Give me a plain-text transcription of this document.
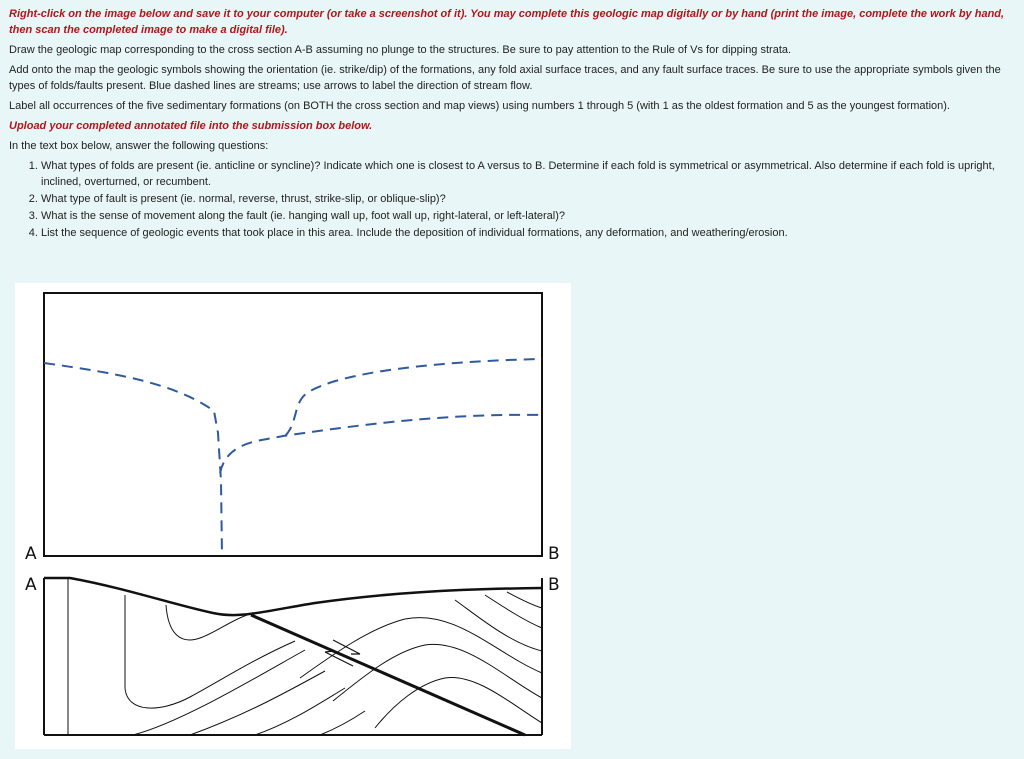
Right-click on the image below and save it to your computer (or take a screenshot of it). You may complete this geologic map digitally or by hand (print the image, complete the work by hand, then scan the completed image to make a digital file).

Draw the geologic map corresponding to the cross section A-B assuming no plunge to the structures. Be sure to pay attention to the Rule of Vs for dipping strata.

Add onto the map the geologic symbols showing the orientation (ie. strike/dip) of the formations, any fold axial surface traces, and any fault surface traces. Be sure to use the appropriate symbols given the types of folds/faults present. Blue dashed lines are streams; use arrows to label the direction of stream flow.

Label all occurrences of the five sedimentary formations (on BOTH the cross section and map views) using numbers 1 through 5 (with 1 as the oldest formation and 5 as the youngest formation).

Upload your completed annotated file into the submission box below.

In the text box below, answer the following questions:

1. What types of folds are present (ie. anticline or syncline)? Indicate which one is closest to A versus to B. Determine if each fold is symmetrical or asymmetrical. Also determine if each fold is upright, inclined, overturned, or recumbent.
2. What type of fault is present (ie. normal, reverse, thrust, strike-slip, or oblique-slip)?
3. What is the sense of movement along the fault (ie. hanging wall up, foot wall up, right-lateral, or left-lateral)?
4. List the sequence of geologic events that took place in this area. Include the deposition of individual formations, any deformation, and weathering/erosion.
A	B
A	B
